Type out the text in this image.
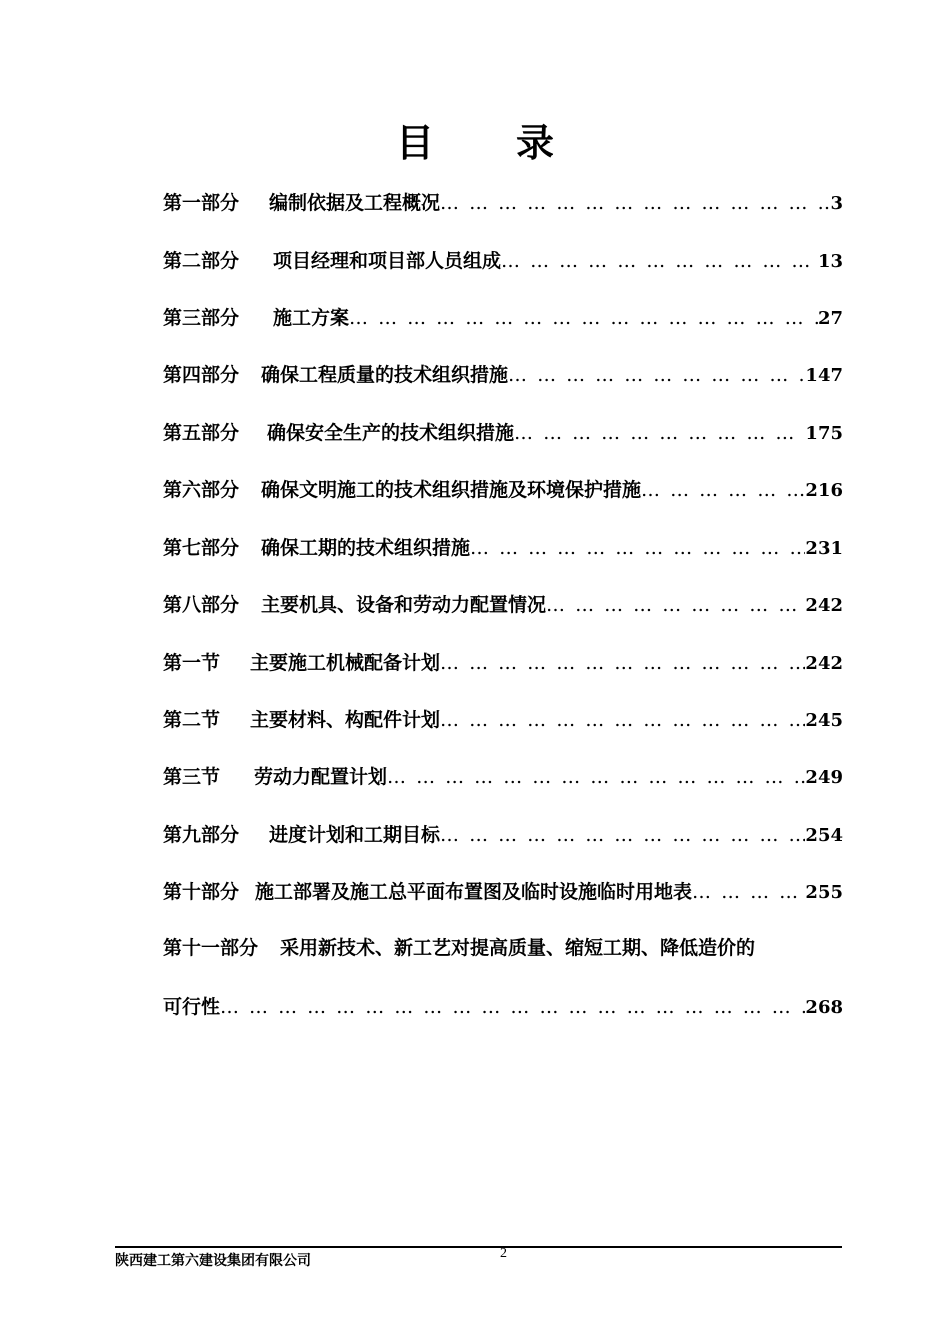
目录
第一部分 编制依据及工程概况 … … … … … … … … … … … … … … … … … … … … … … … … … … … … … … … … … … … … … … … …	3
第二部分 项目经理和项目部人员组成 … … … … … … … … … … … … … … … … … … … … … … … … … … … … … … … … … … … … … … … …	13
第三部分 施工方案 … … … … … … … … … … … … … … … … … … … … … … … … … … … … … … … … … … … … … … … …	27
第四部分 确保工程质量的技术组织措施 … … … … … … … … … … … … … … … … … … … … … … … … … … … … … … … … … … … … … … … …	147
第五部分 确保安全生产的技术组织措施 … … … … … … … … … … … … … … … … … … … … … … … … … … … … … … … … … … … … … … … …	175
第六部分 确保文明施工的技术组织措施及环境保护措施 … … … … … … … … … … … … … … … … … … … … … … … … … … … … … … … … … … … … … … … …	216
第七部分 确保工期的技术组织措施 … … … … … … … … … … … … … … … … … … … … … … … … … … … … … … … … … … … … … … … …	231
第八部分 主要机具、设备和劳动力配置情况 … … … … … … … … … … … … … … … … … … … … … … … … … … … … … … … … … … … … … … … …	242
第一节 主要施工机械配备计划 … … … … … … … … … … … … … … … … … … … … … … … … … … … … … … … … … … … … … … … …	242
第二节 主要材料、构配件计划 … … … … … … … … … … … … … … … … … … … … … … … … … … … … … … … … … … … … … … … …	245
第三节 劳动力配置计划 … … … … … … … … … … … … … … … … … … … … … … … … … … … … … … … … … … … … … … … …	249
第九部分 进度计划和工期目标 … … … … … … … … … … … … … … … … … … … … … … … … … … … … … … … … … … … … … … … …	254
第十部分 施工部署及施工总平面布置图及临时设施临时用地表 … … … … … … … … … … … … … … … … … … … … … … … … … … … … … … … … … … … … … … … …	255
第十一部分 采用新技术、新工艺对提高质量、缩短工期、降低造价的
可行性 … … … … … … … … … … … … … … … … … … … … … … … … … … … … … … … … … … … … … … … …	268
陕西建工第六建设集团有限公司	2
